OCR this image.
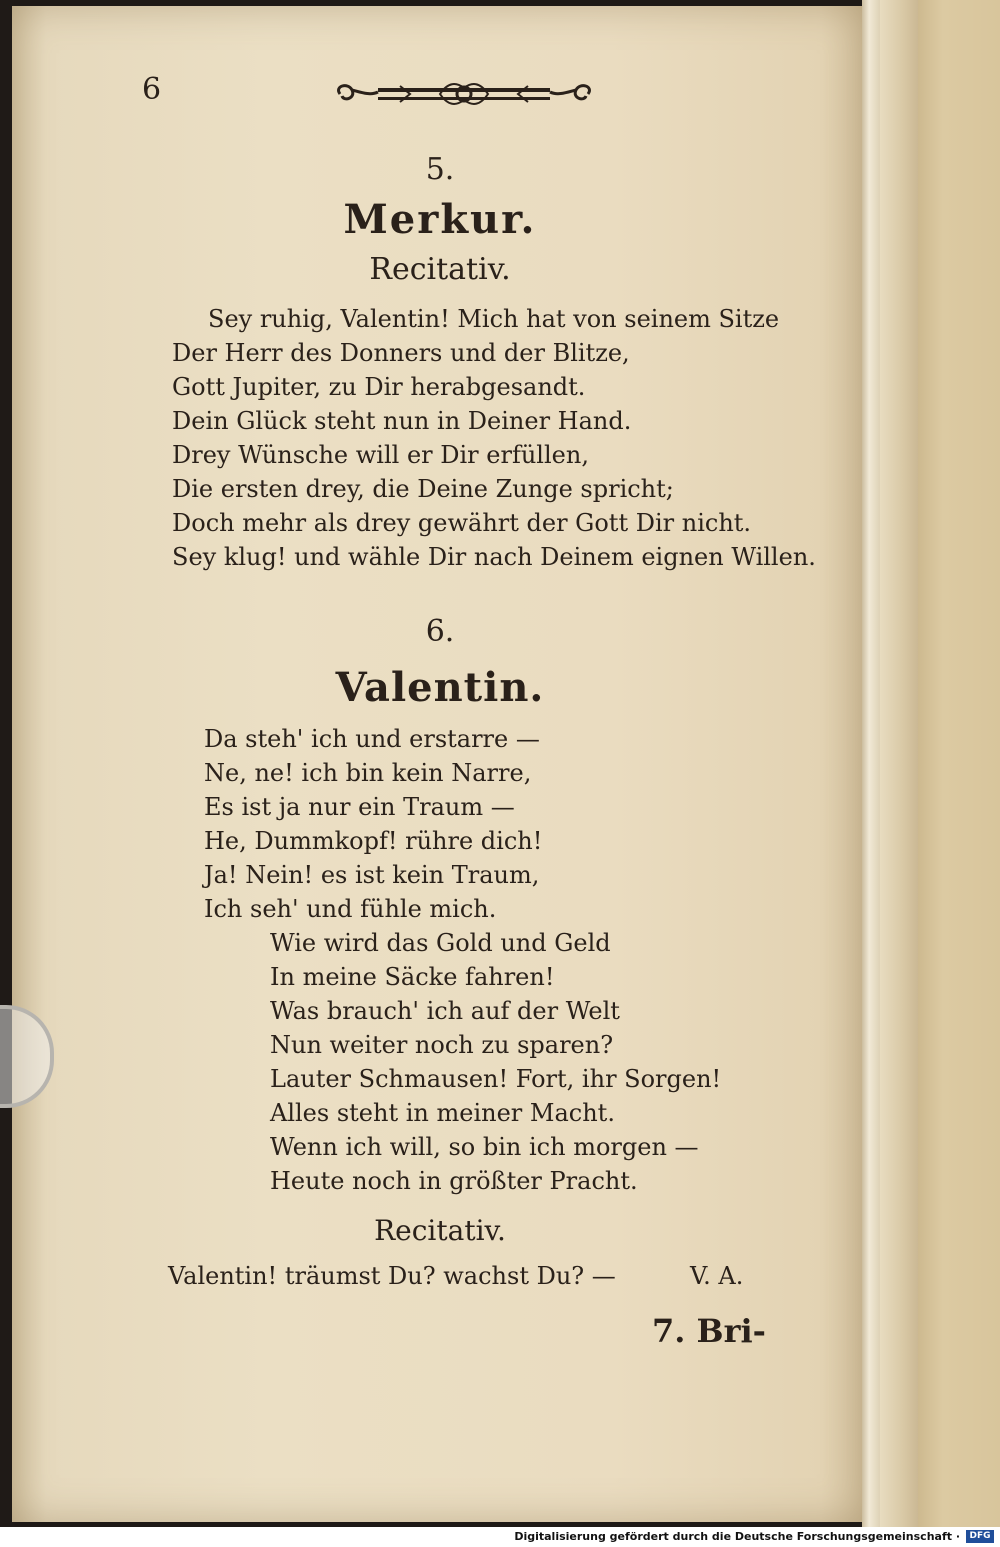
6
5.
Merkur.
Recitativ.
Sey ruhig, Valentin! Mich hat von seinem Sitze
Der Herr des Donners und der Blitze,
Gott Jupiter, zu Dir herabgesandt.
Dein Glück steht nun in Deiner Hand.
Drey Wünsche will er Dir erfüllen,
Die ersten drey, die Deine Zunge spricht;
Doch mehr als drey gewährt der Gott Dir nicht.
Sey klug! und wähle Dir nach Deinem eignen Willen.
6.
Valentin.
Da steh' ich und erstarre —
Ne, ne! ich bin kein Narre,
Es ist ja nur ein Traum —
He, Dummkopf! rühre dich!
Ja! Nein! es ist kein Traum,
Ich seh' und fühle mich.
Wie wird das Gold und Geld
In meine Säcke fahren!
Was brauch' ich auf der Welt
Nun weiter noch zu sparen?
Lauter Schmausen! Fort, ihr Sorgen!
Alles steht in meiner Macht.
Wenn ich will, so bin ich morgen —
Heute noch in größter Pracht.
Recitativ.
Valentin! träumst Du? wachst Du? —	V. A.
7. Bri-
Digitalisierung gefördert durch die Deutsche Forschungsgemeinschaft ·	DFG
